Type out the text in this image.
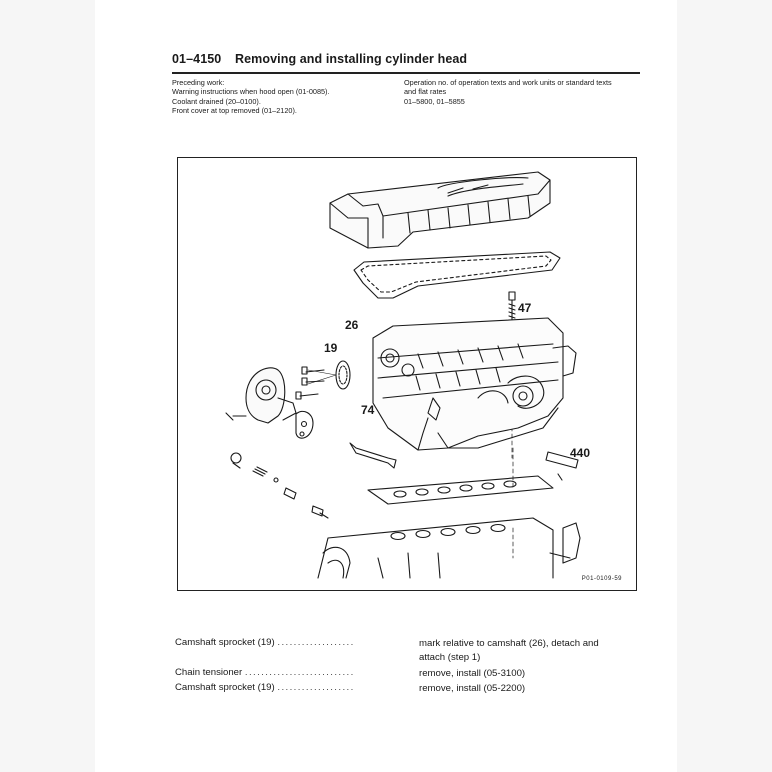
01–4150 Removing and installing cylinder head
Preceding work:
Warning instructions when hood open (01-0085).
Coolant drained (20–0100).
Front cover at top removed (01–2120).
Operation no. of operation texts and work units or standard texts
and flat rates
01–5800, 01–5855
47
26
19
74
440
P01-0109-59
Camshaft sprocket (19) ...................	mark relative to camshaft (26), detach and attach (step 1)
Chain tensioner ...........................	remove, install (05-3100)
Camshaft sprocket (19) ...................	remove, install (05-2200)
